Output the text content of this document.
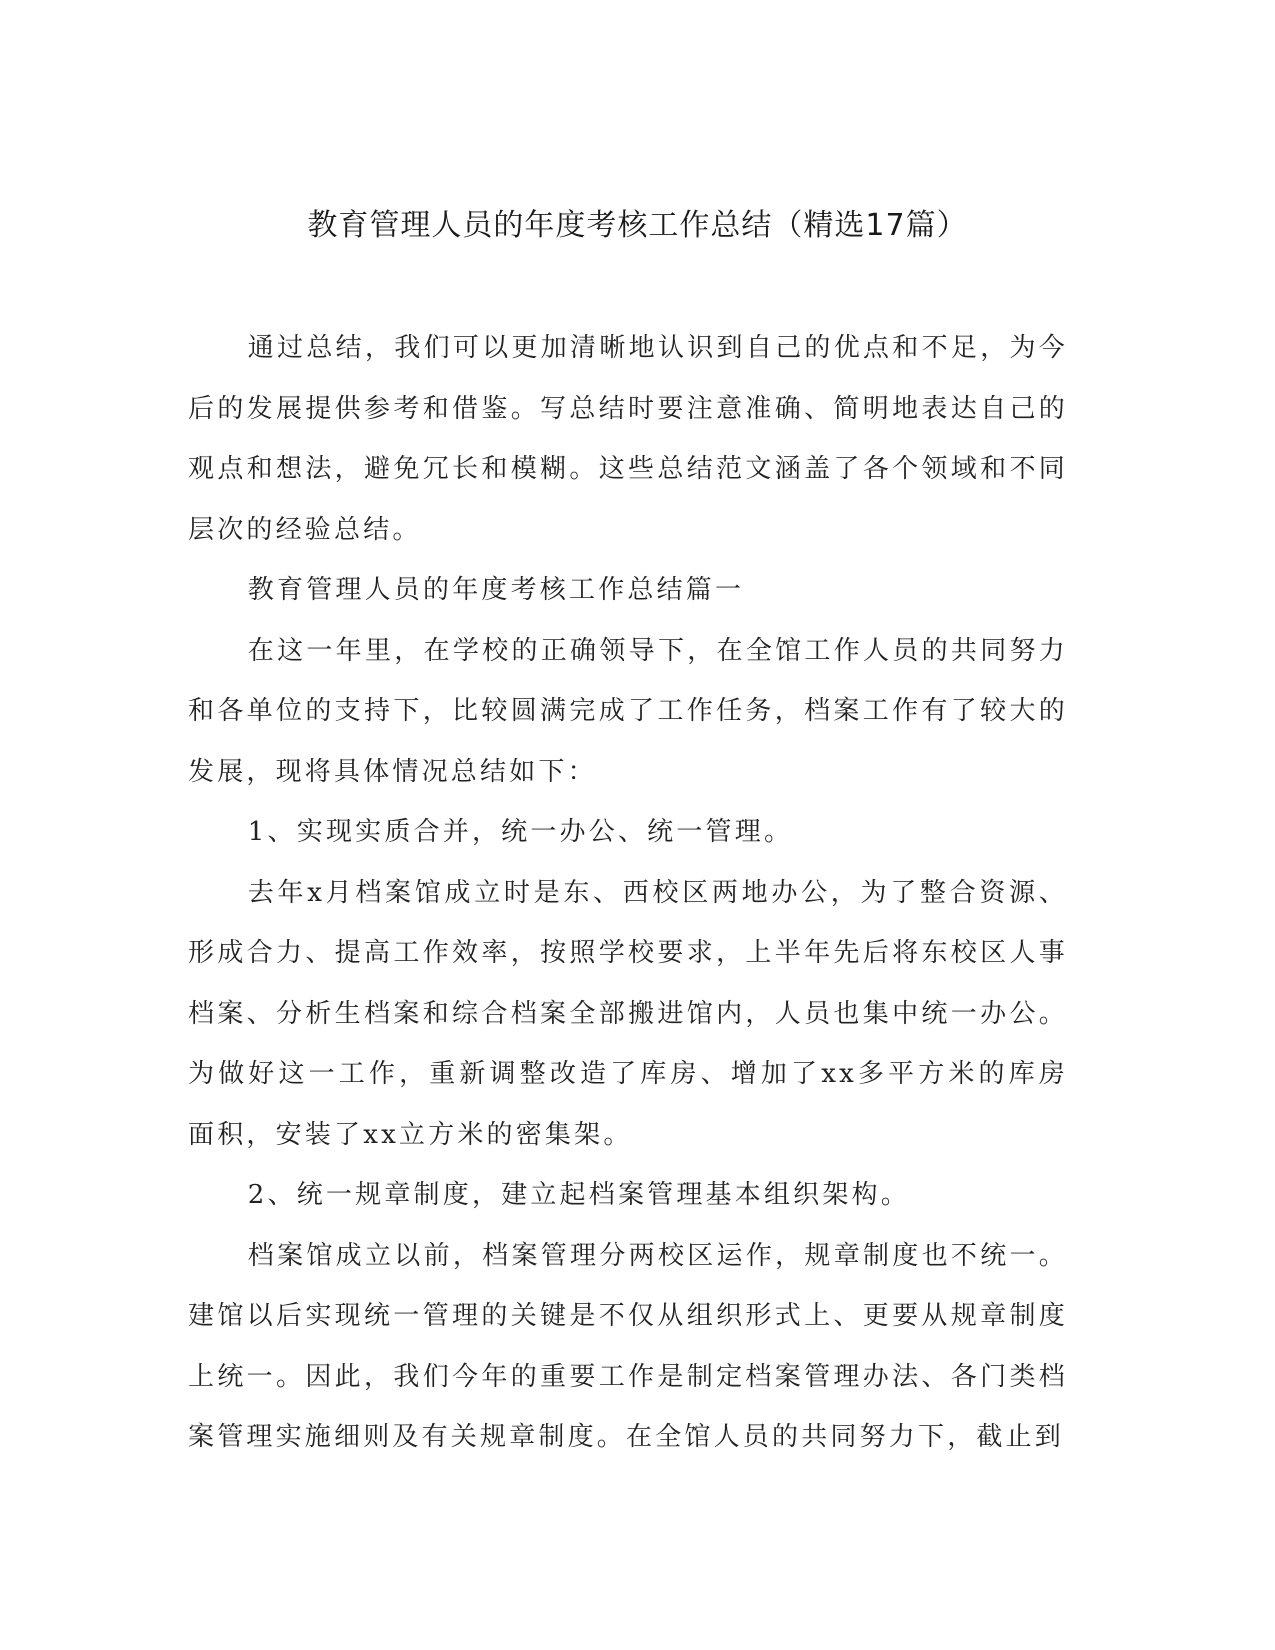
教育管理人员的年度考核工作总结（精选17篇）

通过总结，我们可以更加清晰地认识到自己的优点和不足，为今后的发展提供参考和借鉴。写总结时要注意准确、简明地表达自己的观点和想法，避免冗长和模糊。这些总结范文涵盖了各个领域和不同层次的经验总结。

教育管理人员的年度考核工作总结篇一

在这一年里，在学校的正确领导下，在全馆工作人员的共同努力和各单位的支持下，比较圆满完成了工作任务，档案工作有了较大的发展，现将具体情况总结如下：

1、实现实质合并，统一办公、统一管理。

去年x月档案馆成立时是东、西校区两地办公，为了整合资源、形成合力、提高工作效率，按照学校要求，上半年先后将东校区人事档案、分析生档案和综合档案全部搬进馆内，人员也集中统一办公。为做好这一工作，重新调整改造了库房、增加了xx多平方米的库房面积，安装了xx立方米的密集架。

2、统一规章制度，建立起档案管理基本组织架构。

档案馆成立以前，档案管理分两校区运作，规章制度也不统一。建馆以后实现统一管理的关键是不仅从组织形式上、更要从规章制度上统一。因此，我们今年的重要工作是制定档案管理办法、各门类档案管理实施细则及有关规章制度。在全馆人员的共同努力下，截止到
